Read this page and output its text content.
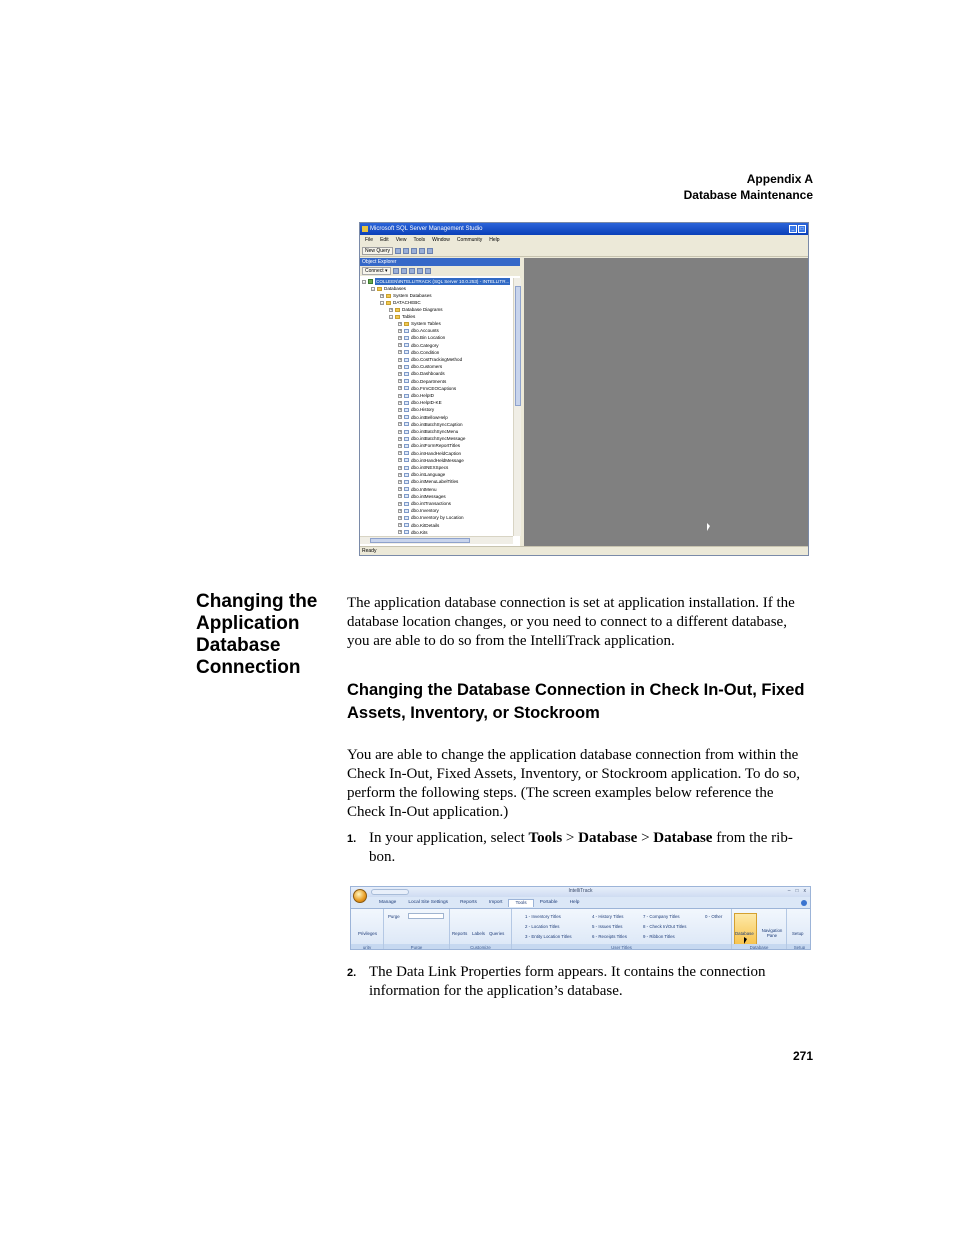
Appendix A
Database Maintenance
Microsoft SQL Server Management Studio	_	□
File Edit View Tools Window Community Help
New Query
Object Explorer
Connect ▾
- COLLEEN\INTELLITRACK (SQL Server 10.0.253) - INTELLITR...
- Databases
+ System Databases
- DATACHEBC
+ Database Diagrams
- Tables
+ System Tables
+ dbo.Accounts
+ dbo.Bin Location
+ dbo.Category
+ dbo.Condition
+ dbo.CostTrackingMethod
+ dbo.Customers
+ dbo.Dashboards
+ dbo.Departments
+ dbo.FrmCEOCaptions
+ dbo.HelpID
+ dbo.HelpID-KE
+ dbo.History
+ dbo.intBellowHelp
+ dbo.intBatchSyncCaption
+ dbo.intBatchSyncMenu
+ dbo.intBatchSyncMessage
+ dbo.intFormReportTitles
+ dbo.intHandHeldCaption
+ dbo.intHandHeldMessage
+ dbo.intINEXSpecs
+ dbo.intLanguage
+ dbo.intMenuLabelTitles
+ dbo.IntMenu
+ dbo.intMessages
+ dbo.intTransactions
+ dbo.Inventory
+ dbo.Inventory by Location
+ dbo.KitDetails
+ dbo.Kits
Ready
Changing the Application Database Connection
The application database connection is set at application installation. If the database location changes, or you need to connect to a different database, you are able to do so from the IntelliTrack application.
Changing the Database Connection in Check In-Out, Fixed Assets, Inventory, or Stockroom
You are able to change the application database connection from within the Check In-Out, Fixed Assets, Inventory, or Stockroom application. To do so, perform the following steps. (The screen examples below reference the Check In-Out application.)
1. In your application, select Tools > Database > Database from the rib-bon.
IntelliTrack	– □ x
Manage	Local Site Settings	Reports	Import	Tools	Portable	Help
Privileges
urity
Purge
Purge
Reports Labels Queries
Customize
1 - Inventory Titles	4 - History Titles	7 - Company Titles	0 - Other
2 - Location Titles	5 - Issues Titles	8 - Check In/Out Titles
3 - Entity Location Titles	6 - Receipts Titles	9 - Ribbon Titles
User Titles
Database
Navigation Pane
Database
Setup
Setup
2. The Data Link Properties form appears. It contains the connection information for the application’s database.
271
